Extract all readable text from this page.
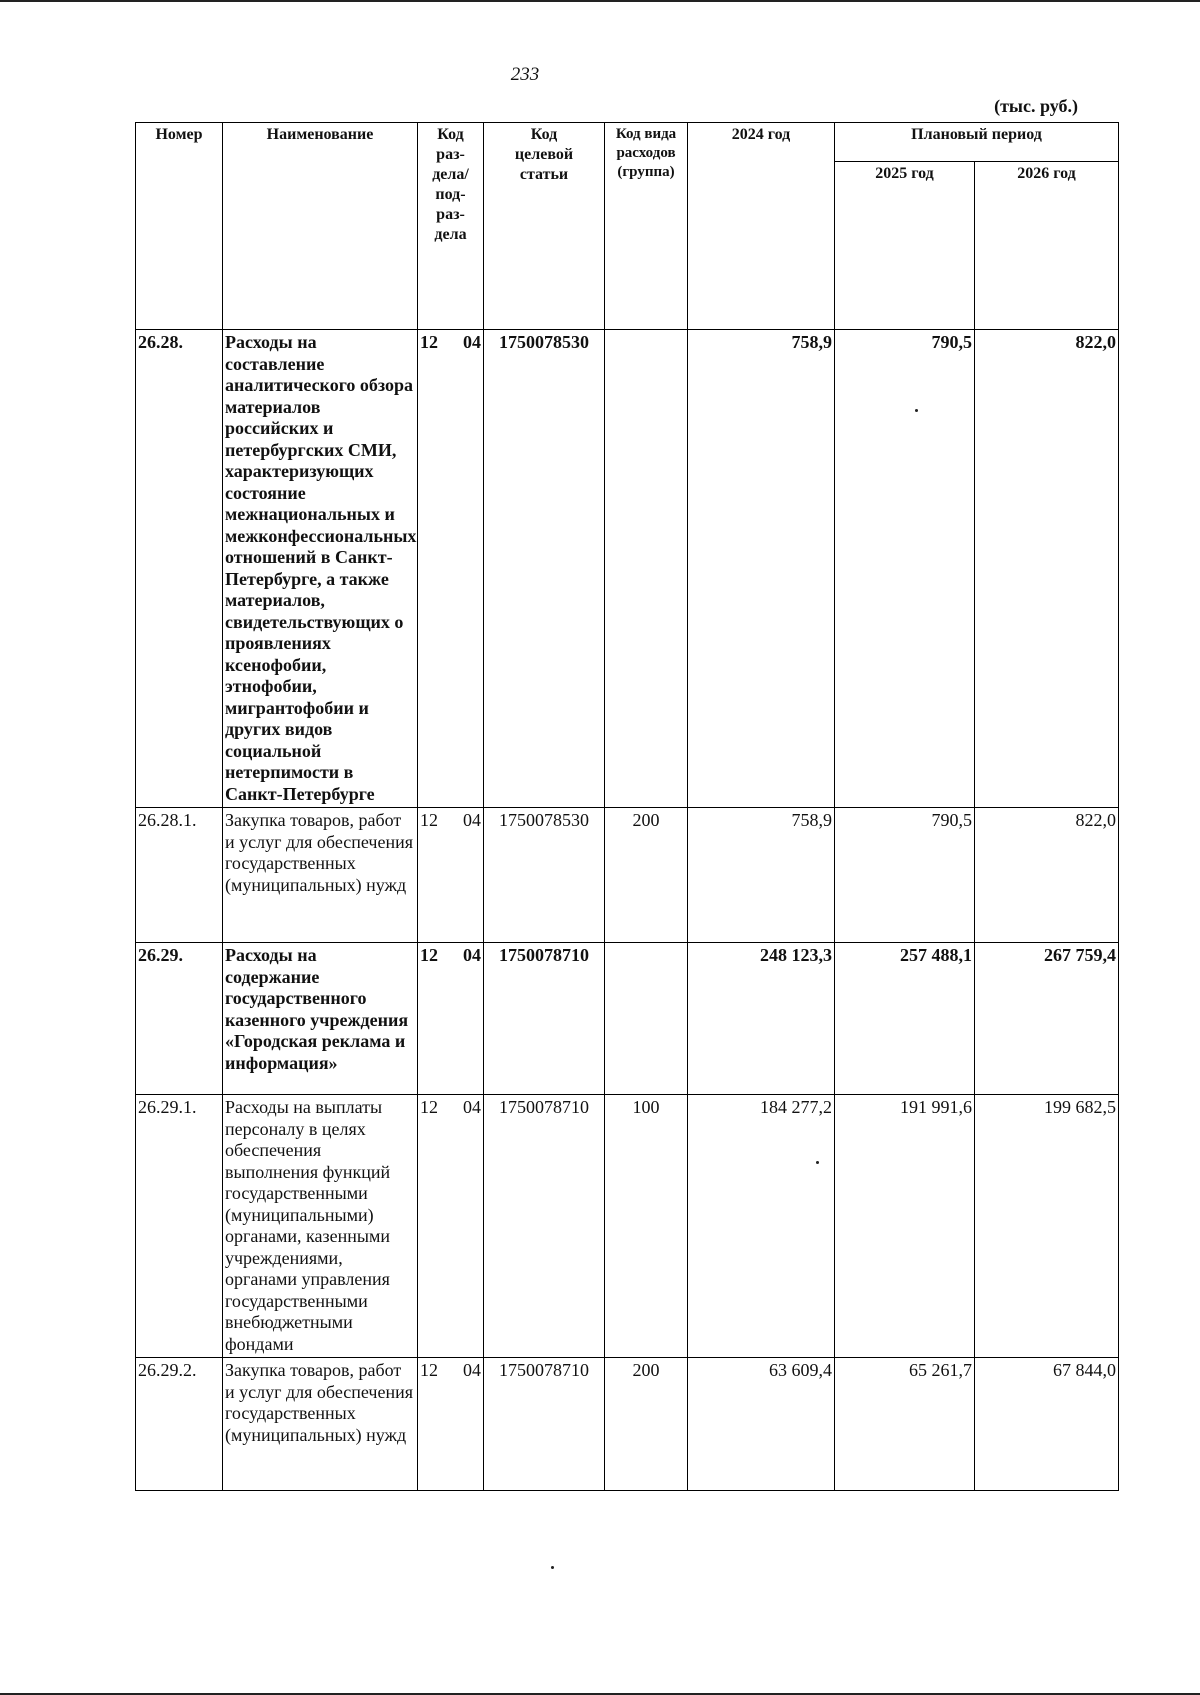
233
(тыс. руб.)
Номер	Наименование	Код раз-дела/ под-раз-дела	Код целевой статьи	Код вида расходов (группа)	2024 год	Плановый период	
						2025 год	2026 год
26.28.	Расходы на составление аналитического обзора материалов российских и петербургских СМИ, характеризующих состояние межнациональных и межконфессиональных отношений в Санкт-Петербурге, а также материалов, свидетельствующих о проявлениях ксенофобии, этнофобии, мигрантофобии и других видов социальной нетерпимости в Санкт-Петербурге	12 04	1750078530		758,9	790,5	822,0
26.28.1.	Закупка товаров, работ и услуг для обеспечения государственных (муниципальных) нужд	12 04	1750078530	200	758,9	790,5	822,0
26.29.	Расходы на содержание государственного казенного учреждения «Городская реклама и информация»	12 04	1750078710		248 123,3	257 488,1	267 759,4
26.29.1.	Расходы на выплаты персоналу в целях обеспечения выполнения функций государственными (муниципальными) органами, казенными учреждениями, органами управления государственными внебюджетными фондами	12 04	1750078710	100	184 277,2	191 991,6	199 682,5
26.29.2.	Закупка товаров, работ и услуг для обеспечения государственных (муниципальных) нужд	12 04	1750078710	200	63 609,4	65 261,7	67 844,0
